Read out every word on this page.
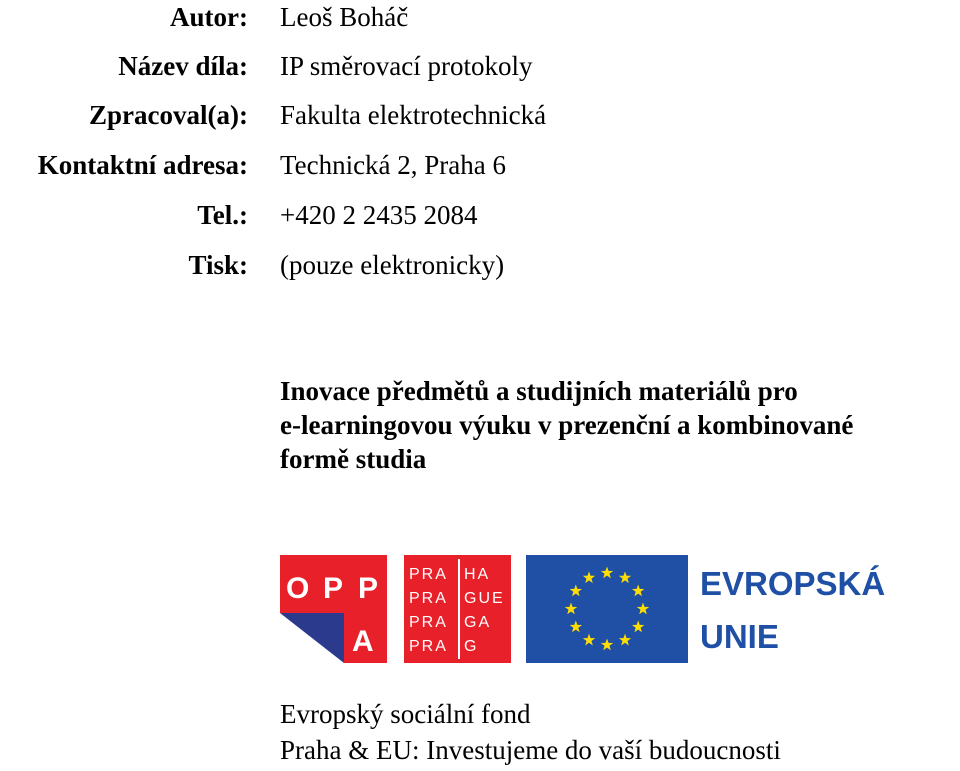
Autor: Leoš Boháč
Název díla: IP směrovací protokoly
Zpracoval(a): Fakulta elektrotechnická
Kontaktní adresa: Technická 2, Praha 6
Tel.: +420 2 2435 2084
Tisk: (pouze elektronicky)
Inovace předmětů a studijních materiálů pro
e-learningovou výuku v prezenční a kombinované
formě studia
O P P
A
PRA
PRA
PRA
PRA
HA
GUE
GA
G
EVROPSKÁ
UNIE
Evropský sociální fond
Praha & EU: Investujeme do vaší budoucnosti
